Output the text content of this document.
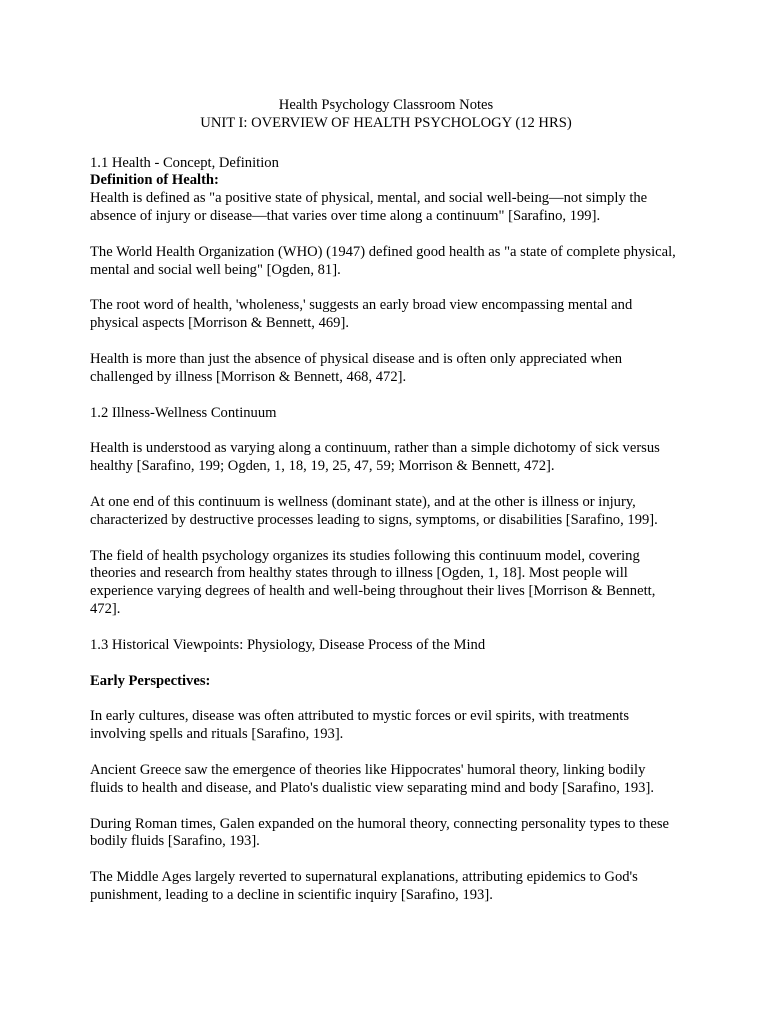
Health Psychology Classroom Notes
UNIT I: OVERVIEW OF HEALTH PSYCHOLOGY (12 HRS)

1.1 Health - Concept, Definition

Definition of Health:

Health is defined as "a positive state of physical, mental, and social well-being—not simply the absence of injury or disease—that varies over time along a continuum" [Sarafino, 199].

The World Health Organization (WHO) (1947) defined good health as "a state of complete physical, mental and social well being" [Ogden, 81].

The root word of health, 'wholeness,' suggests an early broad view encompassing mental and physical aspects [Morrison & Bennett, 469].

Health is more than just the absence of physical disease and is often only appreciated when challenged by illness [Morrison & Bennett, 468, 472].

1.2 Illness-Wellness Continuum

Health is understood as varying along a continuum, rather than a simple dichotomy of sick versus healthy [Sarafino, 199; Ogden, 1, 18, 19, 25, 47, 59; Morrison & Bennett, 472].

At one end of this continuum is wellness (dominant state), and at the other is illness or injury, characterized by destructive processes leading to signs, symptoms, or disabilities [Sarafino, 199].

The field of health psychology organizes its studies following this continuum model, covering theories and research from healthy states through to illness [Ogden, 1, 18]. Most people will experience varying degrees of health and well-being throughout their lives [Morrison & Bennett, 472].

1.3 Historical Viewpoints: Physiology, Disease Process of the Mind

Early Perspectives:

In early cultures, disease was often attributed to mystic forces or evil spirits, with treatments involving spells and rituals [Sarafino, 193].

Ancient Greece saw the emergence of theories like Hippocrates' humoral theory, linking bodily fluids to health and disease, and Plato's dualistic view separating mind and body [Sarafino, 193].

During Roman times, Galen expanded on the humoral theory, connecting personality types to these bodily fluids [Sarafino, 193].

The Middle Ages largely reverted to supernatural explanations, attributing epidemics to God's punishment, leading to a decline in scientific inquiry [Sarafino, 193].
